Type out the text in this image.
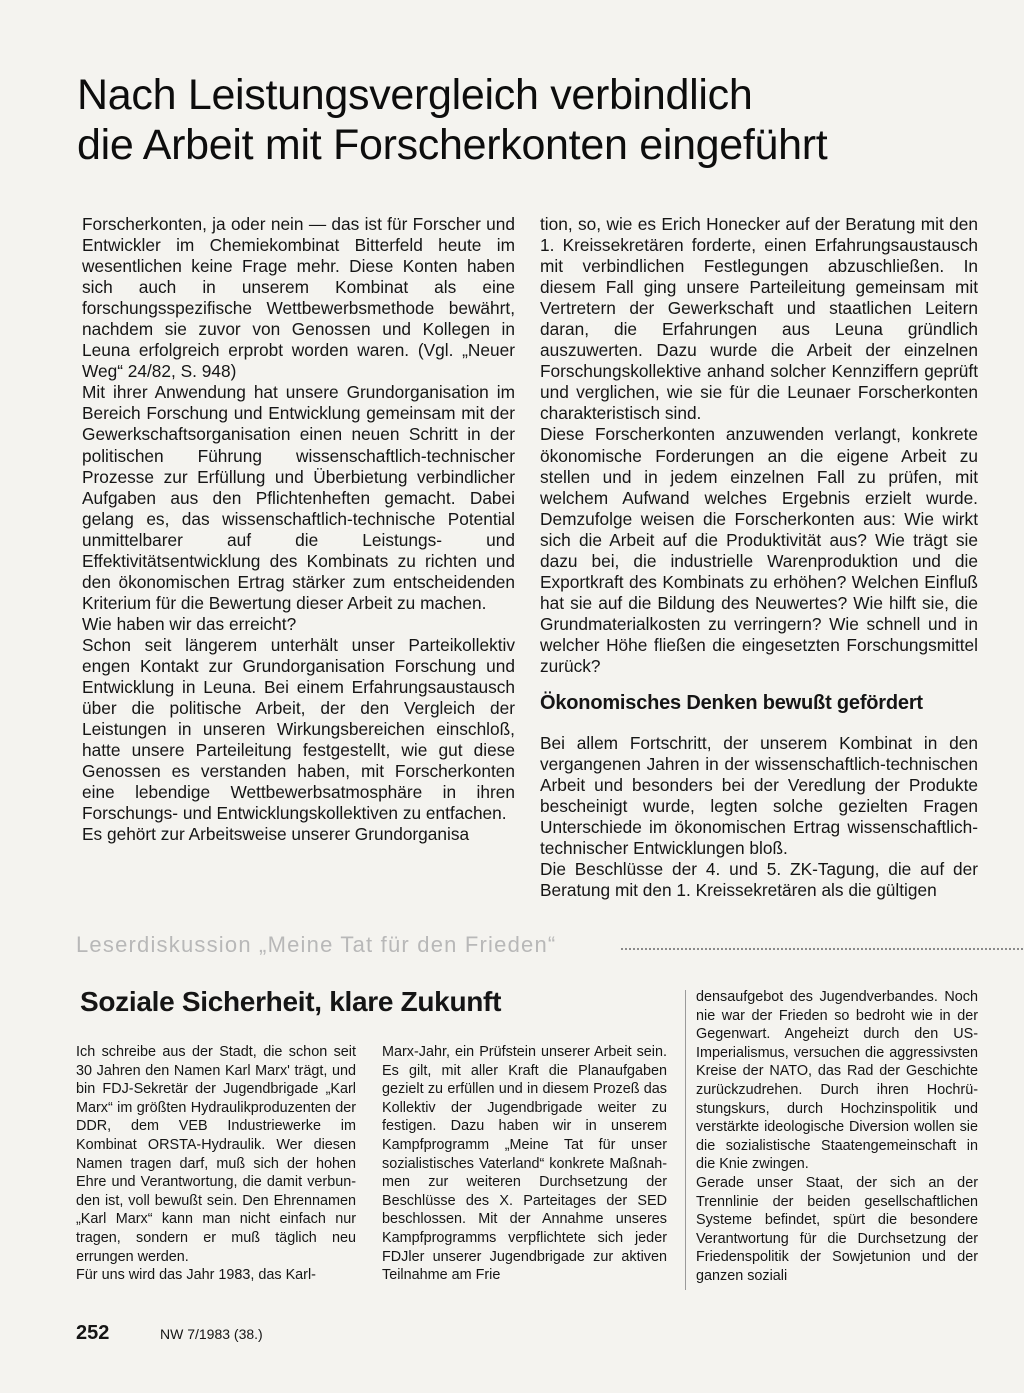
Nach Leistungsvergleich verbindlich
die Arbeit mit Forscherkonten eingeführt

Forscherkonten, ja oder nein — das ist für Forscher und Entwickler im Chemiekombinat Bitterfeld heute im wesentlichen keine Frage mehr. Diese Konten haben sich auch in unserem Kombinat als eine forschungsspezifische Wettbewerbsmethode bewährt, nachdem sie zuvor von Genossen und Kollegen in Leuna erfolgreich erprobt worden waren. (Vgl. „Neuer Weg“ 24/82, S. 948)

Mit ihrer Anwendung hat unsere Grundorganisation im Bereich Forschung und Entwicklung gemeinsam mit der Gewerkschaftsorganisation einen neuen Schritt in der politischen Führung wissenschaftlich-technischer Prozesse zur Erfüllung und Überbietung verbindlicher Aufgaben aus den Pflichtenheften gemacht. Dabei gelang es, das wissenschaftlich-technische Potential unmittelbarer auf die Leistungs- und Effektivitätsentwicklung des Kombinats zu richten und den ökonomischen Ertrag stärker zum entscheidenden Kriterium für die Bewertung dieser Arbeit zu machen.

Wie haben wir das erreicht?

Schon seit längerem unterhält unser Parteikollektiv engen Kontakt zur Grundorganisation Forschung und Entwicklung in Leuna. Bei einem Erfahrungsaustausch über die politische Arbeit, der den Vergleich der Leistungen in unseren Wirkungsbereichen einschloß, hatte unsere Parteileitung festgestellt, wie gut diese Genossen es verstanden haben, mit Forscherkonten eine lebendige Wettbewerbsatmosphäre in ihren Forschungs- und Entwicklungskollektiven zu entfachen.

Es gehört zur Arbeitsweise unserer Grundorganisa

tion, so, wie es Erich Honecker auf der Beratung mit den 1. Kreissekretären forderte, einen Erfahrungsaustausch mit verbindlichen Festlegungen abzuschließen. In diesem Fall ging unsere Parteileitung gemeinsam mit Vertretern der Gewerkschaft und staatlichen Leitern daran, die Erfahrungen aus Leuna gründlich auszuwerten. Dazu wurde die Arbeit der einzelnen Forschungskollektive anhand solcher Kennziffern geprüft und verglichen, wie sie für die Leunaer Forscherkonten charakteristisch sind.

Diese Forscherkonten anzuwenden verlangt, konkrete ökonomische Forderungen an die eigene Arbeit zu stellen und in jedem einzelnen Fall zu prüfen, mit welchem Aufwand welches Ergebnis erzielt wurde. Demzufolge weisen die Forscherkonten aus: Wie wirkt sich die Arbeit auf die Produktivität aus? Wie trägt sie dazu bei, die industrielle Warenproduktion und die Exportkraft des Kombinats zu erhöhen? Welchen Einfluß hat sie auf die Bildung des Neuwertes? Wie hilft sie, die Grundmaterialkosten zu verringern? Wie schnell und in welcher Höhe fließen die eingesetzten Forschungsmittel zurück?

Ökonomisches Denken bewußt gefördert

Bei allem Fortschritt, der unserem Kombinat in den vergangenen Jahren in der wissenschaftlich-technischen Arbeit und besonders bei der Veredlung der Produkte bescheinigt wurde, legten solche gezielten Fragen Unterschiede im ökonomischen Ertrag wissenschaftlich-technischer Entwicklungen bloß.

Die Beschlüsse der 4. und 5. ZK-Tagung, die auf der Beratung mit den 1. Kreissekretären als die gültigen

Leserdiskussion „Meine Tat für den Frieden“
Soziale Sicherheit, klare Zukunft

Ich schreibe aus der Stadt, die schon seit 30 Jahren den Namen Karl Marx' trägt, und bin FDJ-Sekretär der Jugendbrigade „Karl Marx“ im größten Hydraulikproduzenten der DDR, dem VEB Industriewerke im Kombinat ORSTA-Hydraulik. Wer diesen Namen tragen darf, muß sich der hohen Ehre und Verantwortung, die damit verbunden ist, voll bewußt sein. Den Ehrennamen „Karl Marx“ kann man nicht einfach nur tragen, sondern er muß täglich neu errungen werden.

Für uns wird das Jahr 1983, das Karl-

Marx-Jahr, ein Prüfstein unserer Arbeit sein. Es gilt, mit aller Kraft die Planaufgaben gezielt zu erfüllen und in diesem Prozeß das Kollektiv der Jugendbrigade weiter zu festigen. Dazu haben wir in unserem Kampfprogramm „Meine Tat für unser sozialistisches Vaterland“ konkrete Maßnahmen zur weiteren Durchsetzung der Beschlüsse des X. Parteitages der SED beschlossen. Mit der Annahme unseres Kampfprogramms verpflichtete sich jeder FDJler unserer Jugendbrigade zur aktiven Teilnahme am Frie

densaufgebot des Jugendverbandes. Noch nie war der Frieden so bedroht wie in der Gegenwart. Angeheizt durch den US-Imperialismus, versuchen die aggressivsten Kreise der NATO, das Rad der Geschichte zurückzudrehen. Durch ihren Hochrüstungskurs, durch Hochzinspolitik und verstärkte ideologische Diversion wollen sie die sozialistische Staatengemeinschaft in die Knie zwingen.

Gerade unser Staat, der sich an der Trennlinie der beiden gesellschaftlichen Systeme befindet, spürt die besondere Verantwortung für die Durchsetzung der Friedenspolitik der Sowjetunion und der ganzen soziali

252	NW 7/1983 (38.)
